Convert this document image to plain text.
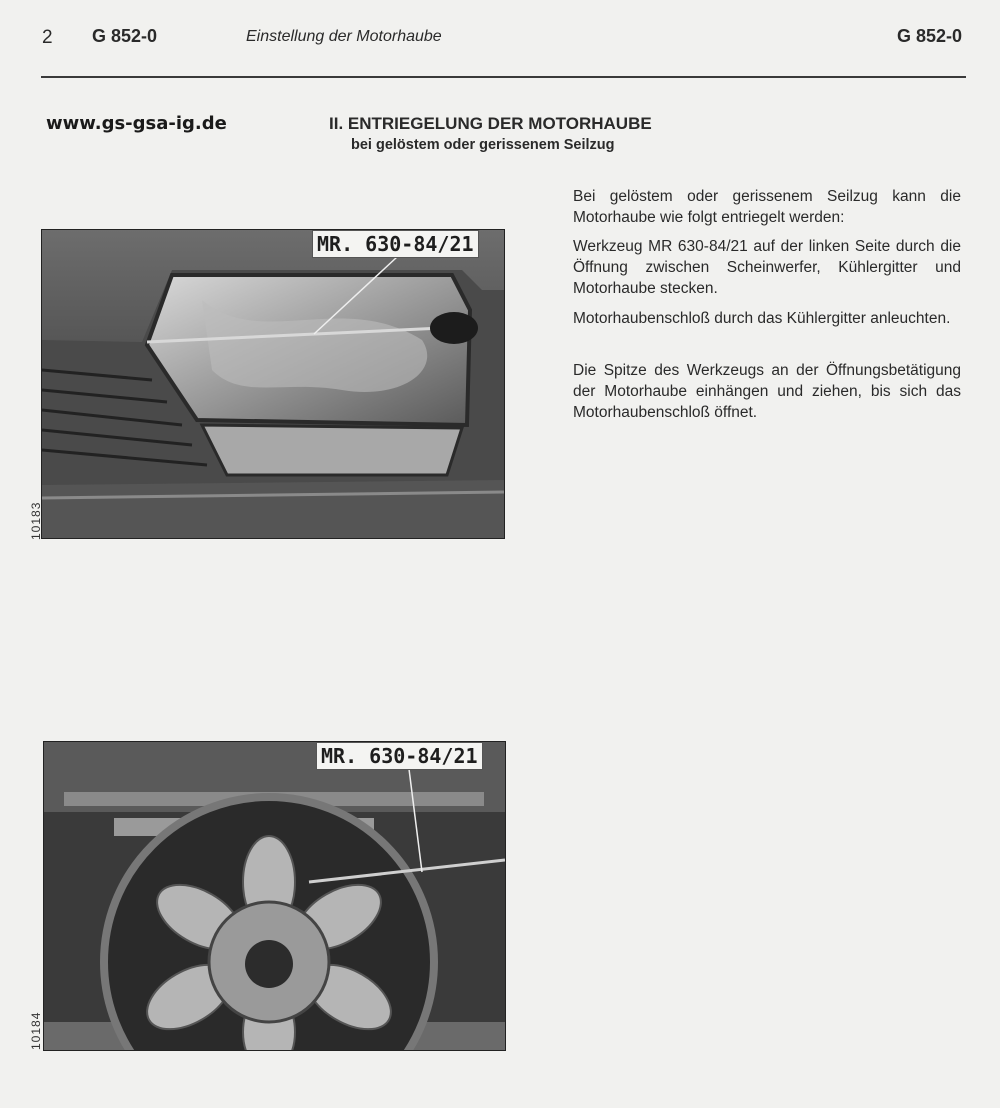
2 G 852-0	Einstellung der Motorhaube	G 852-0
www.gs-gsa-ig.de	II. ENTRIEGELUNG DER MOTORHAUBE
bei gelöstem oder gerissenem Seilzug
Bei gelöstem oder gerissenem Seilzug kann die Motorhaube wie folgt entriegelt werden:
Werkzeug MR 630-84/21 auf der linken Seite durch die Öffnung zwischen Scheinwerfer, Kühlergitter und Motorhaube stecken.
Motorhaubenschloß durch das Kühlergitter anleuchten.
Die Spitze des Werkzeugs an der Öffnungsbetätigung der Motorhaube einhängen und ziehen, bis sich das Motorhaubenschloß öffnet.
MR. 630-84/21
10183
MR. 630-84/21
10184
